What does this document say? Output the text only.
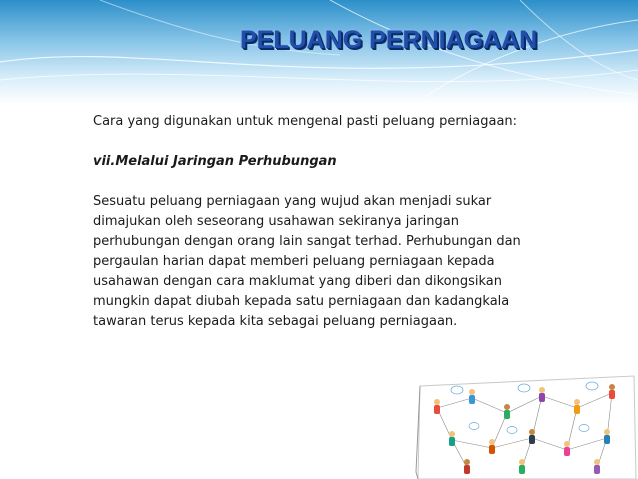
PELUANG PERNIAGAAN

Cara yang digunakan untuk mengenal pasti peluang perniagaan:

vii.Melalui Jaringan Perhubungan

Sesuatu peluang perniagaan yang wujud akan menjadi sukar dimajukan oleh seseorang usahawan sekiranya jaringan perhubungan dengan orang lain sangat terhad. Perhubungan dan pergaulan harian dapat memberi peluang perniagaan kepada usahawan dengan cara maklumat yang diberi dan dikongsikan mungkin dapat diubah kepada satu perniagaan dan kadangkala tawaran terus kepada kita sebagai peluang perniagaan.
